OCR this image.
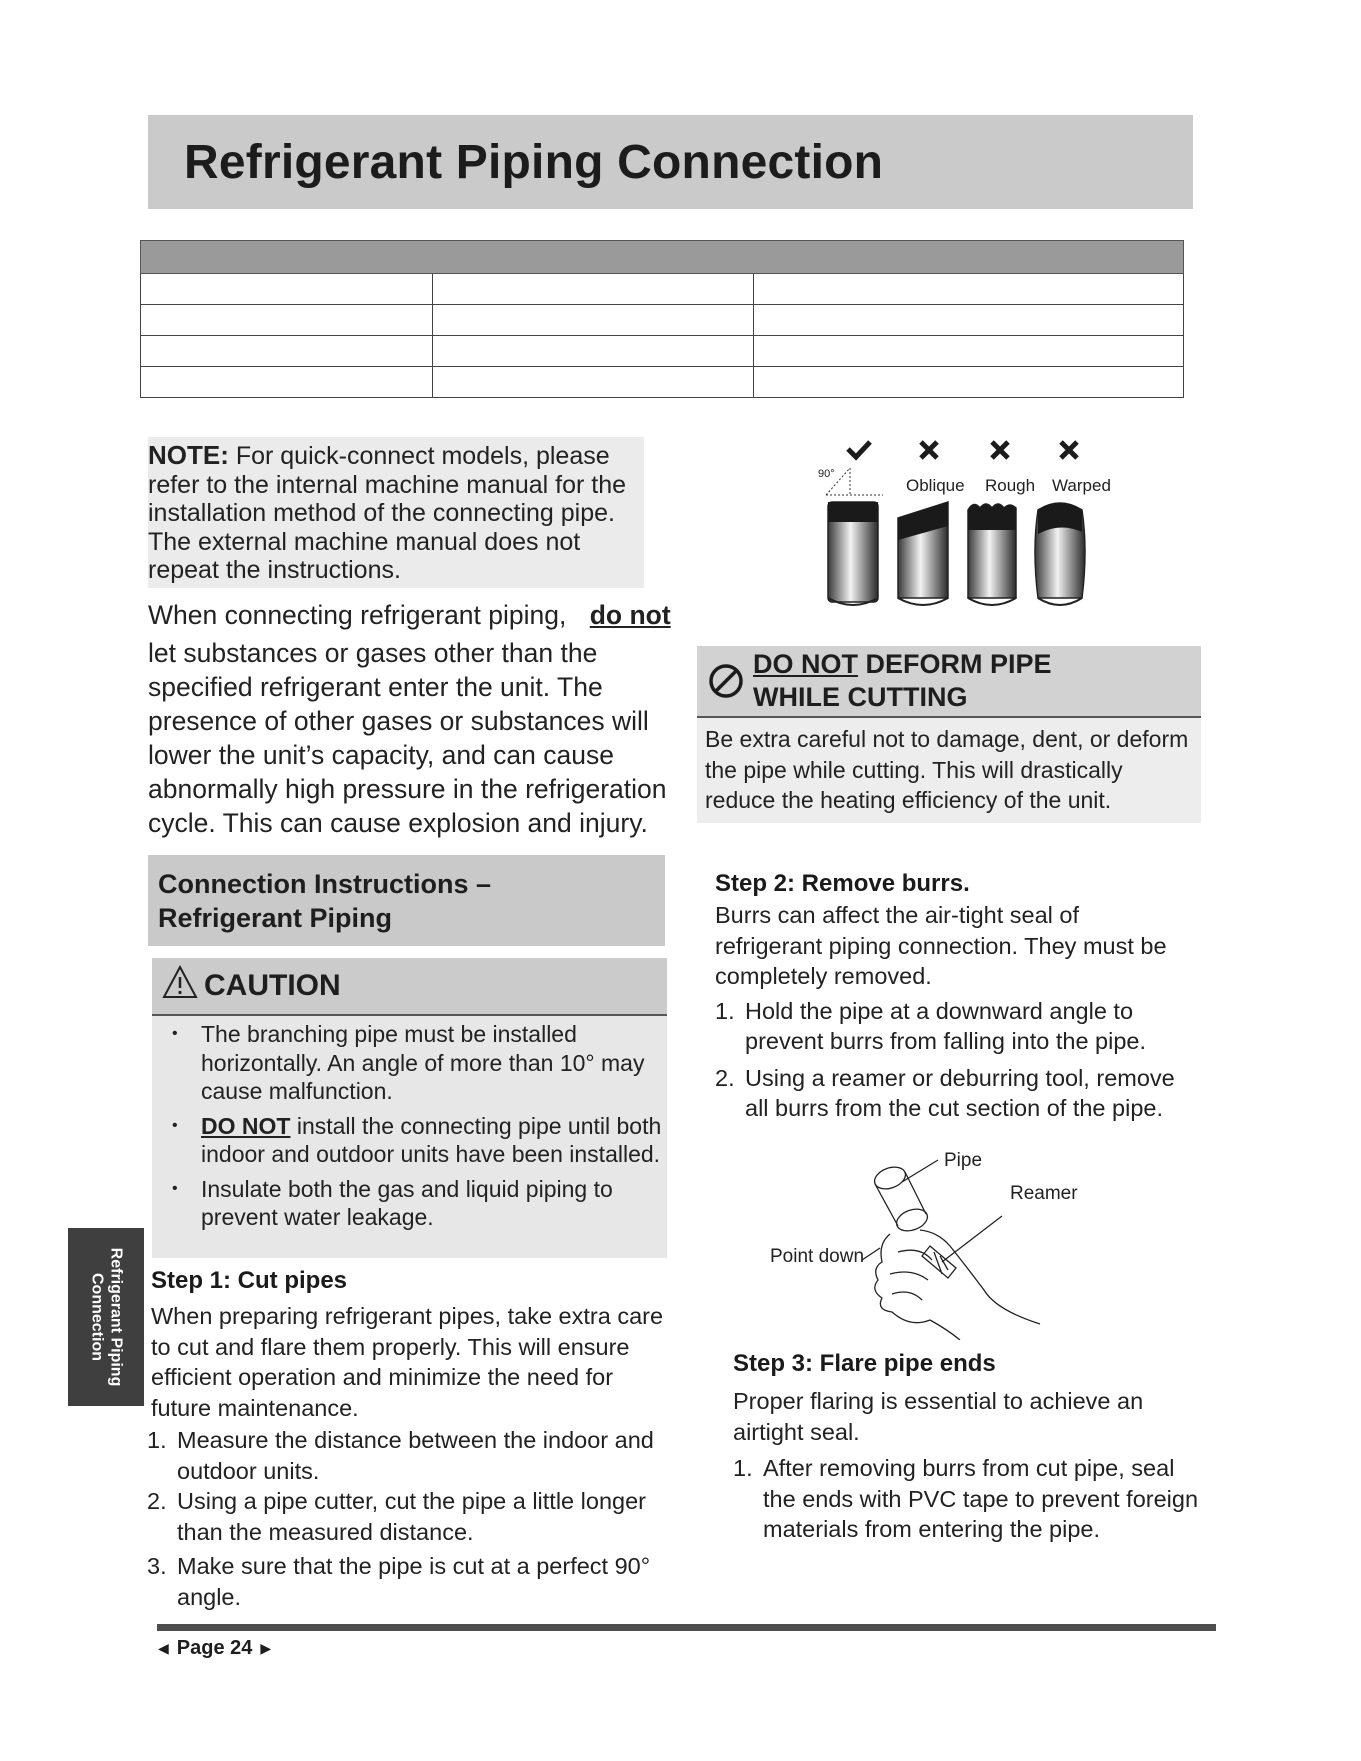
Refrigerant Piping Connection

NOTE: For quick-connect models, please refer to the internal machine manual for the installation method of the connecting pipe. The external machine manual does not repeat the instructions.
When connecting refrigerant piping, do not
let substances or gases other than the specified refrigerant enter the unit. The presence of other gases or substances will lower the unit’s capacity, and can cause abnormally high pressure in the refrigeration cycle. This can cause explosion and injury.
Connection Instructions –
Refrigerant Piping
CAUTION
• The branching pipe must be installed horizontally. An angle of more than 10° may cause malfunction.
• DO NOT install the connecting pipe until both indoor and outdoor units have been installed.
• Insulate both the gas and liquid piping to prevent water leakage.
Refrigerant Piping
Connection Step 1: Cut pipes
When preparing refrigerant pipes, take extra care to cut and flare them properly. This will ensure efficient operation and minimize the need for future maintenance.
1. Measure the distance between the indoor and outdoor units.
2. Using a pipe cutter, cut the pipe a little longer than the measured distance.
3. Make sure that the pipe is cut at a perfect 90° angle.
90°
Oblique Rough Warped
DO NOT DEFORM PIPE
WHILE CUTTING
Be extra careful not to damage, dent, or deform the pipe while cutting. This will drastically reduce the heating efficiency of the unit.
Step 2: Remove burrs.
Burrs can affect the air-tight seal of refrigerant piping connection. They must be completely removed.
1. Hold the pipe at a downward angle to prevent burrs from falling into the pipe.
2. Using a reamer or deburring tool, remove all burrs from the cut section of the pipe.
Pipe
Reamer
Point down
Step 3: Flare pipe ends
Proper flaring is essential to achieve an airtight seal.
1. After removing burrs from cut pipe, seal the ends with PVC tape to prevent foreign materials from entering the pipe.
◀ Page 24 ▶
